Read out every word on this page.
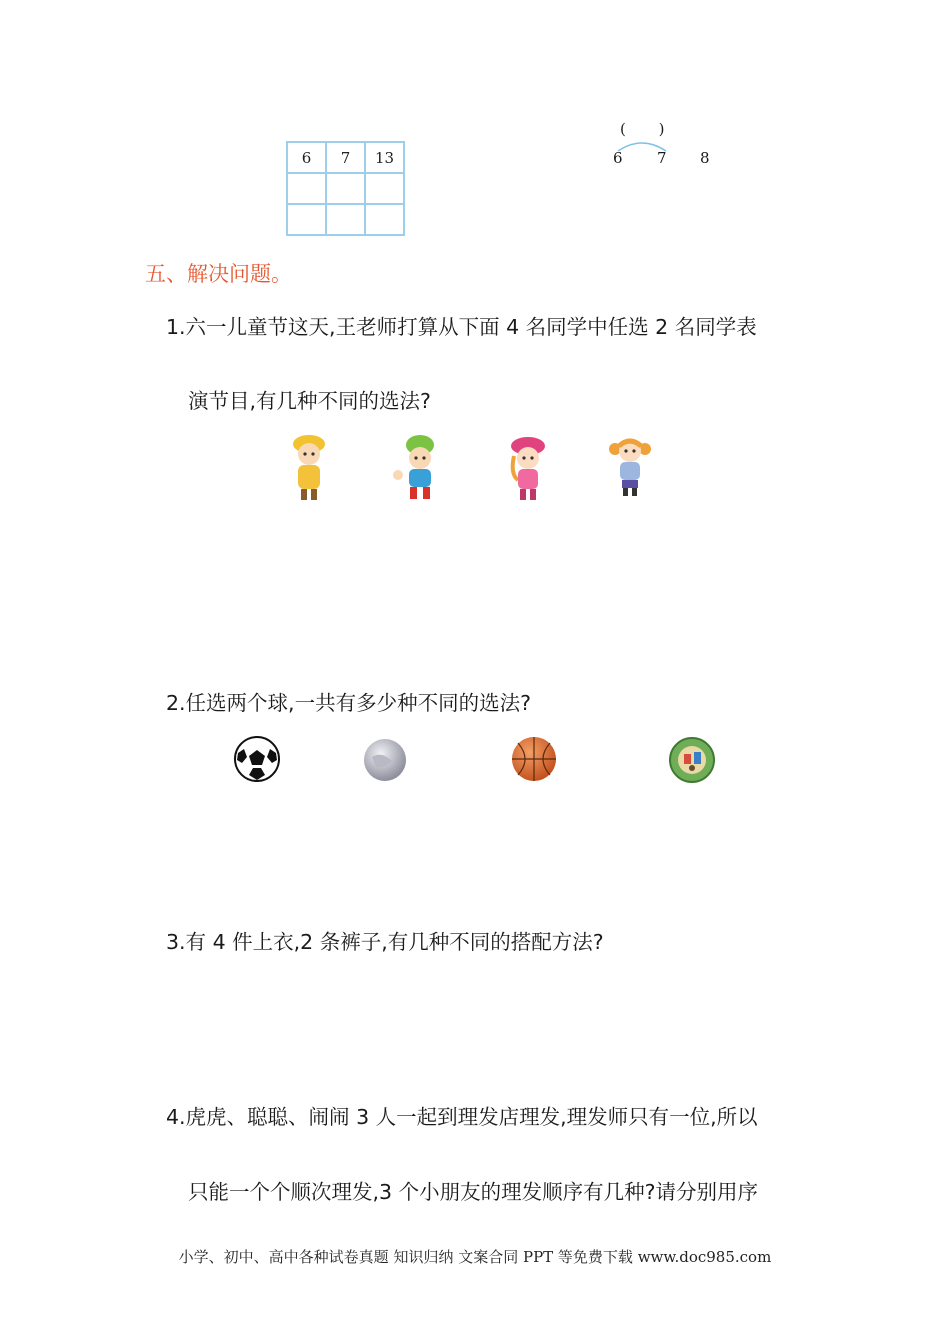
6	7	13

( )
6 7 8
五、解决问题。
1.六一儿童节这天,王老师打算从下面 4 名同学中任选 2 名同学表
演节目,有几种不同的选法?
2.任选两个球,一共有多少种不同的选法?
3.有 4 件上衣,2 条裤子,有几种不同的搭配方法?
4.虎虎、聪聪、闹闹 3 人一起到理发店理发,理发师只有一位,所以
只能一个个顺次理发,3 个小朋友的理发顺序有几种?请分别用序
小学、初中、高中各种试卷真题 知识归纳 文案合同 PPT 等免费下载 www.doc985.com
